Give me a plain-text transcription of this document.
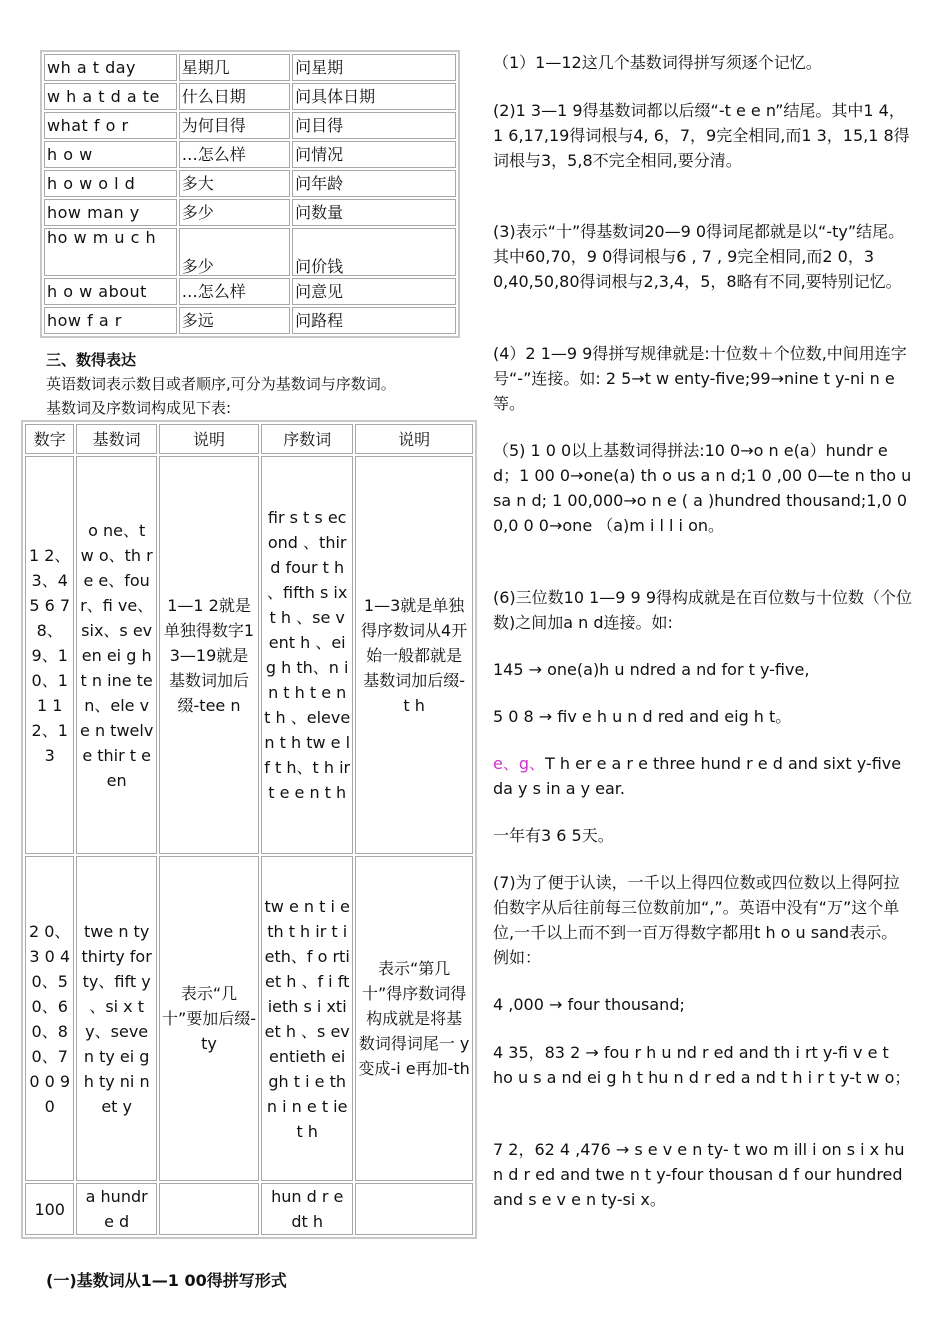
wh a t day	星期几	问星期
w h a t d a te	什么日期	问具体日期
what f o r	为何目得	问目得
h o w	…怎么样	问情况
h o w o l d	多大	问年龄
how man y	多少	问数量
ho w m u c h	多少	问价钱
h o w about	…怎么样	问意见
how f a r	多远	问路程
三、数得表达
英语数词表示数目或者顺序,可分为基数词与序数词。
基数词及序数词构成见下表:
数字	基数词	说明	序数词	说明
1 2、3、4 5 6 7 8、9、10、11 1 2、13	o ne、t w o、th r e e、four、fi ve、six、s even ei g h t n ine ten、ele v e n twelve thir t een	1—1 2就是单独得数字1 3—19就是基数词加后缀-tee n	fir s t s econd 、thir d four t h 、fifth s ix t h 、se v ent h 、eig h th、n i n t h t e n t h 、eleven t h tw e l f t h、t h irt e e n t h	1—3就是单独得序数词从4开始一般都就是基数词加后缀- t h
2 0、3 0 40、50、60、8 0、70 0 90	twe n ty thirty forty、fift y 、si x ty、seve n ty ei g h ty ni n et y	表示“几十”要加后缀-ty	tw e n t i e th t h ir t i eth、f o rtiet h 、f i ftieth s i xtiet h 、s eventieth eigh t i e th n i n e t iet h	表示“第几十”得序数词得构成就是将基数词得词尾一 y变成-i e再加-th
100	a hundr e d		hun d r e dt h	
(一)基数词从1—1 00得拼写形式
（1）1—12这几个基数词得拼写须逐个记忆。
(2)1 3—1 9得基数词都以后缀“-t e e n”结尾。其中1 4，1 6,17,19得词根与4, 6，7，9完全相同,而1 3，15,1 8得词根与3，5,8不完全相同,要分清。
(3)表示“十”得基数词20—9 0得词尾都就是以“-ty”结尾。其中60,70，9 0得词根与6 , 7 , 9完全相同,而2 0，3 0,40,50,80得词根与2,3,4，5，8略有不同,要特别记忆。
(4）2 1—9 9得拼写规律就是:十位数＋个位数,中间用连字号“-”连接。如: 2 5→t w enty-five;99→nine t y-ni n e等。
（5) 1 0 0以上基数词得拼法:10 0→o n e(a）hundr e d；1 00 0→one(a) th o us a n d;1 0 ,00 0—te n tho u sa n d; 1 00,000→o n e ( a )hundred thousand;1,0 0 0,0 0 0→one （a)m i l l i on。
(6)三位数10 1—9 9 9得构成就是在百位数与十位数（个位数)之间加a n d连接。如:
145 → one(a)h u ndred a nd for t y-five,
5 0 8 → fiv e h u n d red and eig h t。
e、g、T h er e a r e three hund r e d and sixt y-five da y s in a y ear.
一年有3 6 5天。
(7)为了便于认读，一千以上得四位数或四位数以上得阿拉伯数字从后往前每三位数前加“,”。英语中没有“万”这个单位,一千以上而不到一百万得数字都用t h o u sand表示。例如：
4 ,000 → four thousand;
4 35，83 2 → fou r h u nd r ed and th i rt y-fi v e t ho u s a nd ei g h t hu n d r ed a nd t h i r t y-t w o；
7 2，62 4 ,476 → s e v e n ty- t wo m ill i on s i x hu n d r ed and twe n t y-four thousan d f our hundred and s e v e n ty-si x。
